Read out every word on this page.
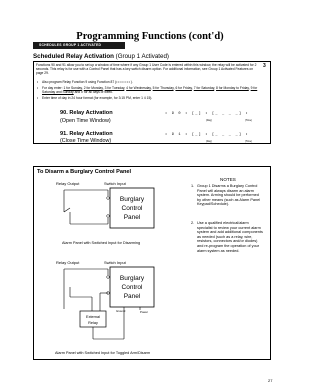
Programming Functions (cont'd)
SCHEDULES GROUP 1 ACTIVATED
Scheduled Relay Activation (Group 1 Activated)
Functions 90 and 91 allow you to set up a window of time where if any Group 1 User Code is entered within this window, the relay will be activated for 2 seconds. This relay is for use with a Control Panel that has a key switch disarm option. For additional information, see Group 1 Activated Features on page 29.
3
• Also program Relay Function 9 using Function 87 (• • • • • • • ).
• For day enter: 1 for Sunday, 2 for Monday, 3 for Tuesday, 4 for Wednesday, 5 for Thursday, 6 for Friday, 7 for Saturday, 8 for Monday to Friday, 9 for Saturday and Sunday and 0 for all days of week.
• Enter time of day in 24 hour format (for example, for 3:15 PM, enter 1 4 15).
90. Relay Activation
(Open Time Window)
• 9 0 • [_] • [_ _ _ _] •
(Day)	(Time)
91. Relay Activation
(Close Time Window)
• 9 1 • [_] • [_ _ _ _] •
(Day)	(Time)
To Disarm a Burglary Control Panel
Relay Output	Switch Input
Burglary
Control
Panel
Alarm Panel with Switched Input for Disarming
NOTES
1. Group 1 Disarms a Burglary Control Panel will always disarm an alarm system. Arming should be performed by other means (such as Alarm Panel Keypad/Schedule).
2. Use a qualified electrical/alarm specialist to review your current alarm system and add additional components as needed (such as a relay, wire, resistors, connectors and/or diodes) and re-program the operation of your alarm system as needed.
Relay Output	Switch Input
External
Relay
Burglary
Control
Panel
Ground	Power
Alarm Panel with Switched Input for Toggled Arm/Disarm
27
